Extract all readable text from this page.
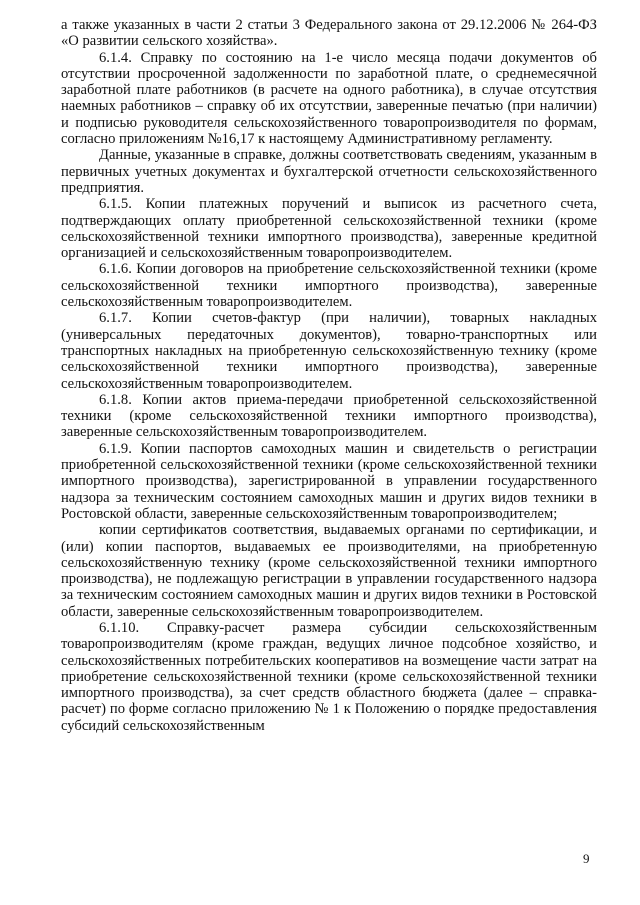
а также указанных в части 2 статьи 3 Федерального закона от 29.12.2006 № 264-ФЗ «О развитии сельского хозяйства».

6.1.4. Справку по состоянию на 1-е число месяца подачи документов об отсутствии просроченной задолженности по заработной плате, о среднемесячной заработной плате работников (в расчете на одного работника), в случае отсутствия наемных работников – справку об их отсутствии, заверенные печатью (при наличии) и подписью руководителя сельскохозяйственного товаропроизводителя по формам, согласно приложениям №16,17 к настоящему Административному регламенту.

Данные, указанные в справке, должны соответствовать сведениям, указанным в первичных учетных документах и бухгалтерской отчетности сельскохозяйственного предприятия.

6.1.5. Копии платежных поручений и выписок из расчетного счета, подтверждающих оплату приобретенной сельскохозяйственной техники (кроме сельскохозяйственной техники импортного производства), заверенные кредитной организацией и сельскохозяйственным товаропроизводителем.

6.1.6. Копии договоров на приобретение сельскохозяйственной техники (кроме сельскохозяйственной техники импортного производства), заверенные сельскохозяйственным товаропроизводителем.

6.1.7. Копии счетов-фактур (при наличии), товарных накладных (универсальных передаточных документов), товарно-транспортных или транспортных накладных на приобретенную сельскохозяйственную технику (кроме сельскохозяйственной техники импортного производства), заверенные сельскохозяйственным товаропроизводителем.

6.1.8. Копии актов приема-передачи приобретенной сельскохозяйственной техники (кроме сельскохозяйственной техники импортного производства), заверенные сельскохозяйственным товаропроизводителем.

6.1.9. Копии паспортов самоходных машин и свидетельств о регистрации приобретенной сельскохозяйственной техники (кроме сельскохозяйственной техники импортного производства), зарегистрированной в управлении государственного надзора за техническим состоянием самоходных машин и других видов техники в Ростовской области, заверенные сельскохозяйственным товаропроизводителем;

копии сертификатов соответствия, выдаваемых органами по сертификации, и (или) копии паспортов, выдаваемых ее производителями, на приобретенную сельскохозяйственную технику (кроме сельскохозяйственной техники импортного производства), не подлежащую регистрации в управлении государственного надзора за техническим состоянием самоходных машин и других видов техники в Ростовской области, заверенные сельскохозяйственным товаропроизводителем.

6.1.10. Справку-расчет размера субсидии сельскохозяйственным товаропроизводителям (кроме граждан, ведущих личное подсобное хозяйство, и сельскохозяйственных потребительских кооперативов на возмещение части затрат на приобретение сельскохозяйственной техники (кроме сельскохозяйственной техники импортного производства), за счет средств областного бюджета (далее – справка-расчет) по форме согласно приложению № 1 к Положению о порядке предоставления субсидий сельскохозяйственным

9
